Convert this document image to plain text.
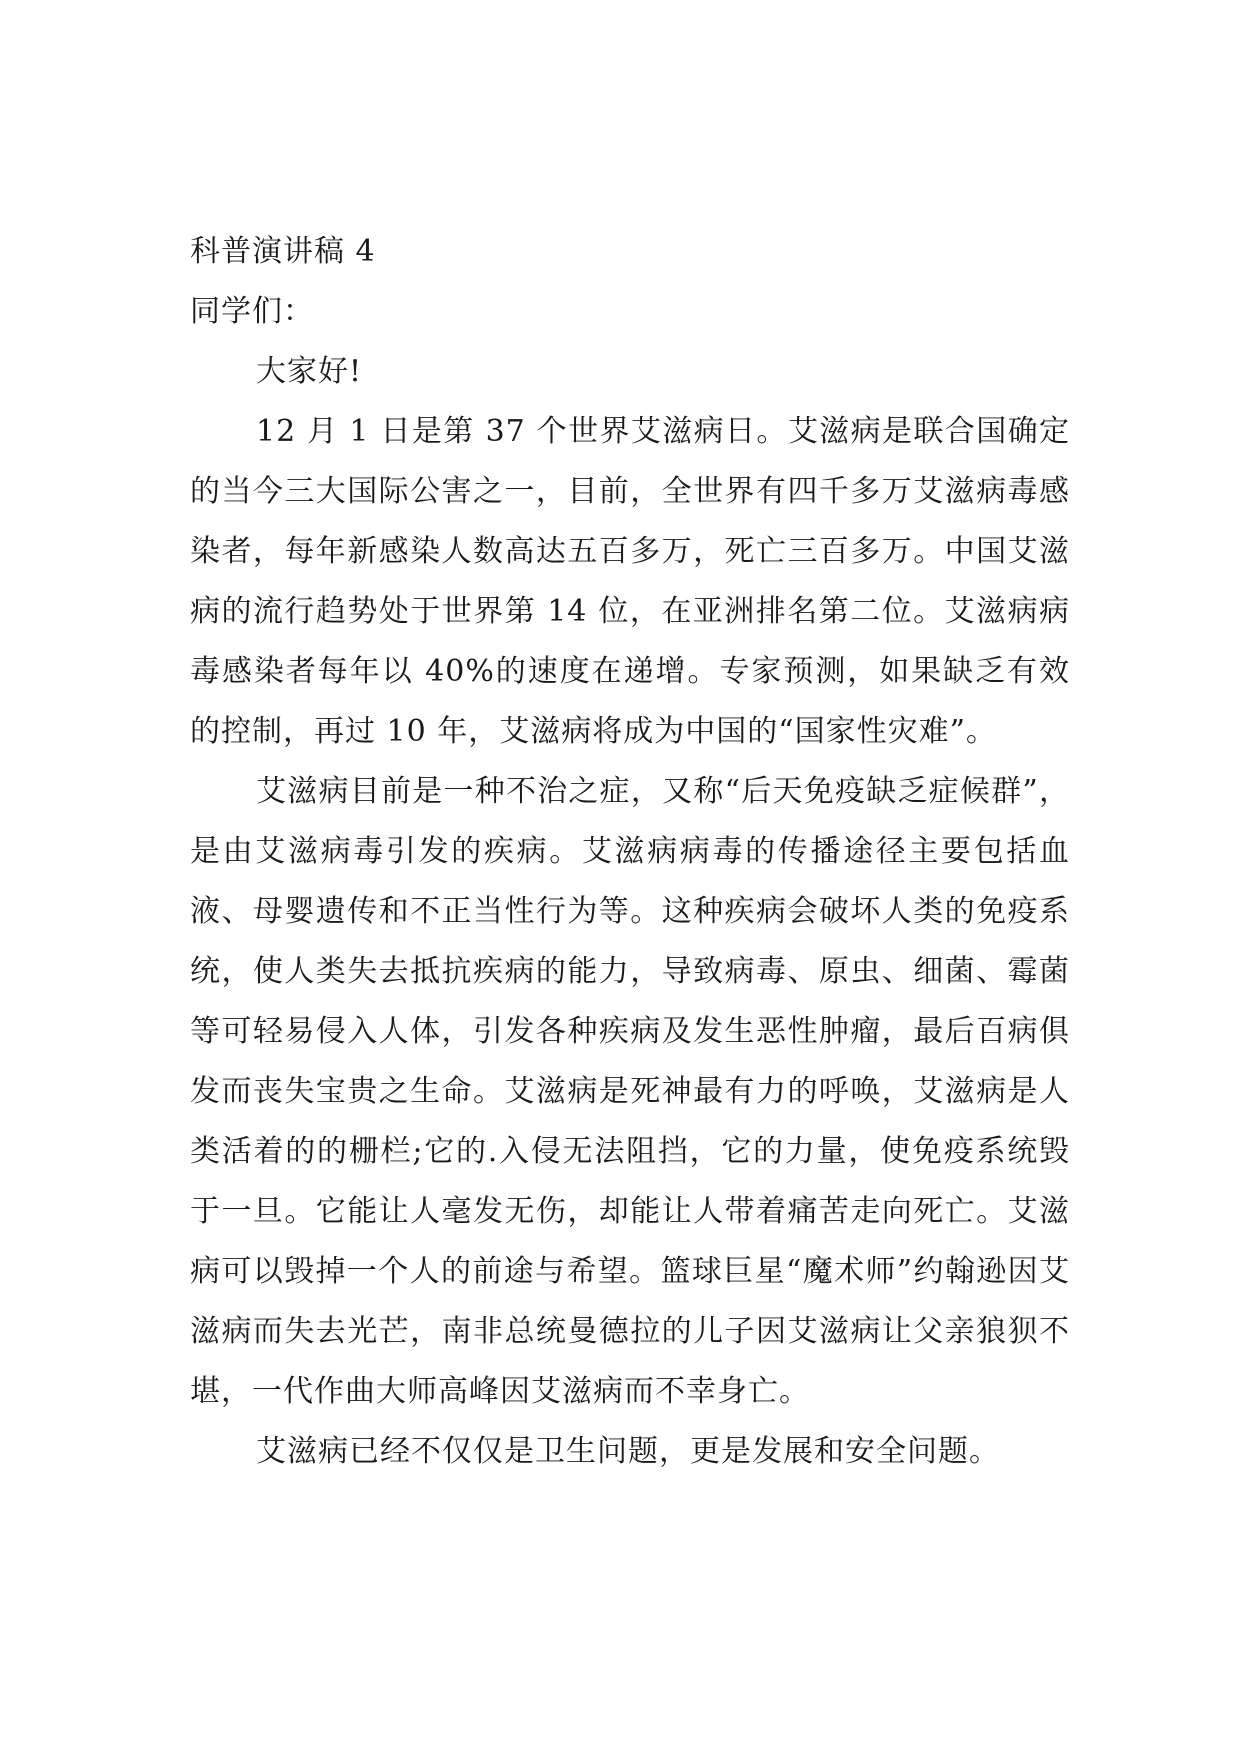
科普演讲稿 4

同学们：

大家好!

12 月 1 日是第 37 个世界艾滋病日。艾滋病是联合国确定的当今三大国际公害之一，目前，全世界有四千多万艾滋病毒感染者，每年新感染人数高达五百多万，死亡三百多万。中国艾滋病的流行趋势处于世界第 14 位，在亚洲排名第二位。艾滋病病毒感染者每年以 40%的速度在递增。专家预测，如果缺乏有效的控制，再过 10 年，艾滋病将成为中国的“国家性灾难”。

艾滋病目前是一种不治之症，又称“后天免疫缺乏症候群”，是由艾滋病毒引发的疾病。艾滋病病毒的传播途径主要包括血液、母婴遗传和不正当性行为等。这种疾病会破坏人类的免疫系统，使人类失去抵抗疾病的能力，导致病毒、原虫、细菌、霉菌等可轻易侵入人体，引发各种疾病及发生恶性肿瘤，最后百病俱发而丧失宝贵之生命。艾滋病是死神最有力的呼唤，艾滋病是人类活着的的栅栏;它的.入侵无法阻挡，它的力量，使免疫系统毁于一旦。它能让人毫发无伤，却能让人带着痛苦走向死亡。艾滋病可以毁掉一个人的前途与希望。篮球巨星“魔术师”约翰逊因艾滋病而失去光芒，南非总统曼德拉的儿子因艾滋病让父亲狼狈不堪，一代作曲大师高峰因艾滋病而不幸身亡。

艾滋病已经不仅仅是卫生问题，更是发展和安全问题。
